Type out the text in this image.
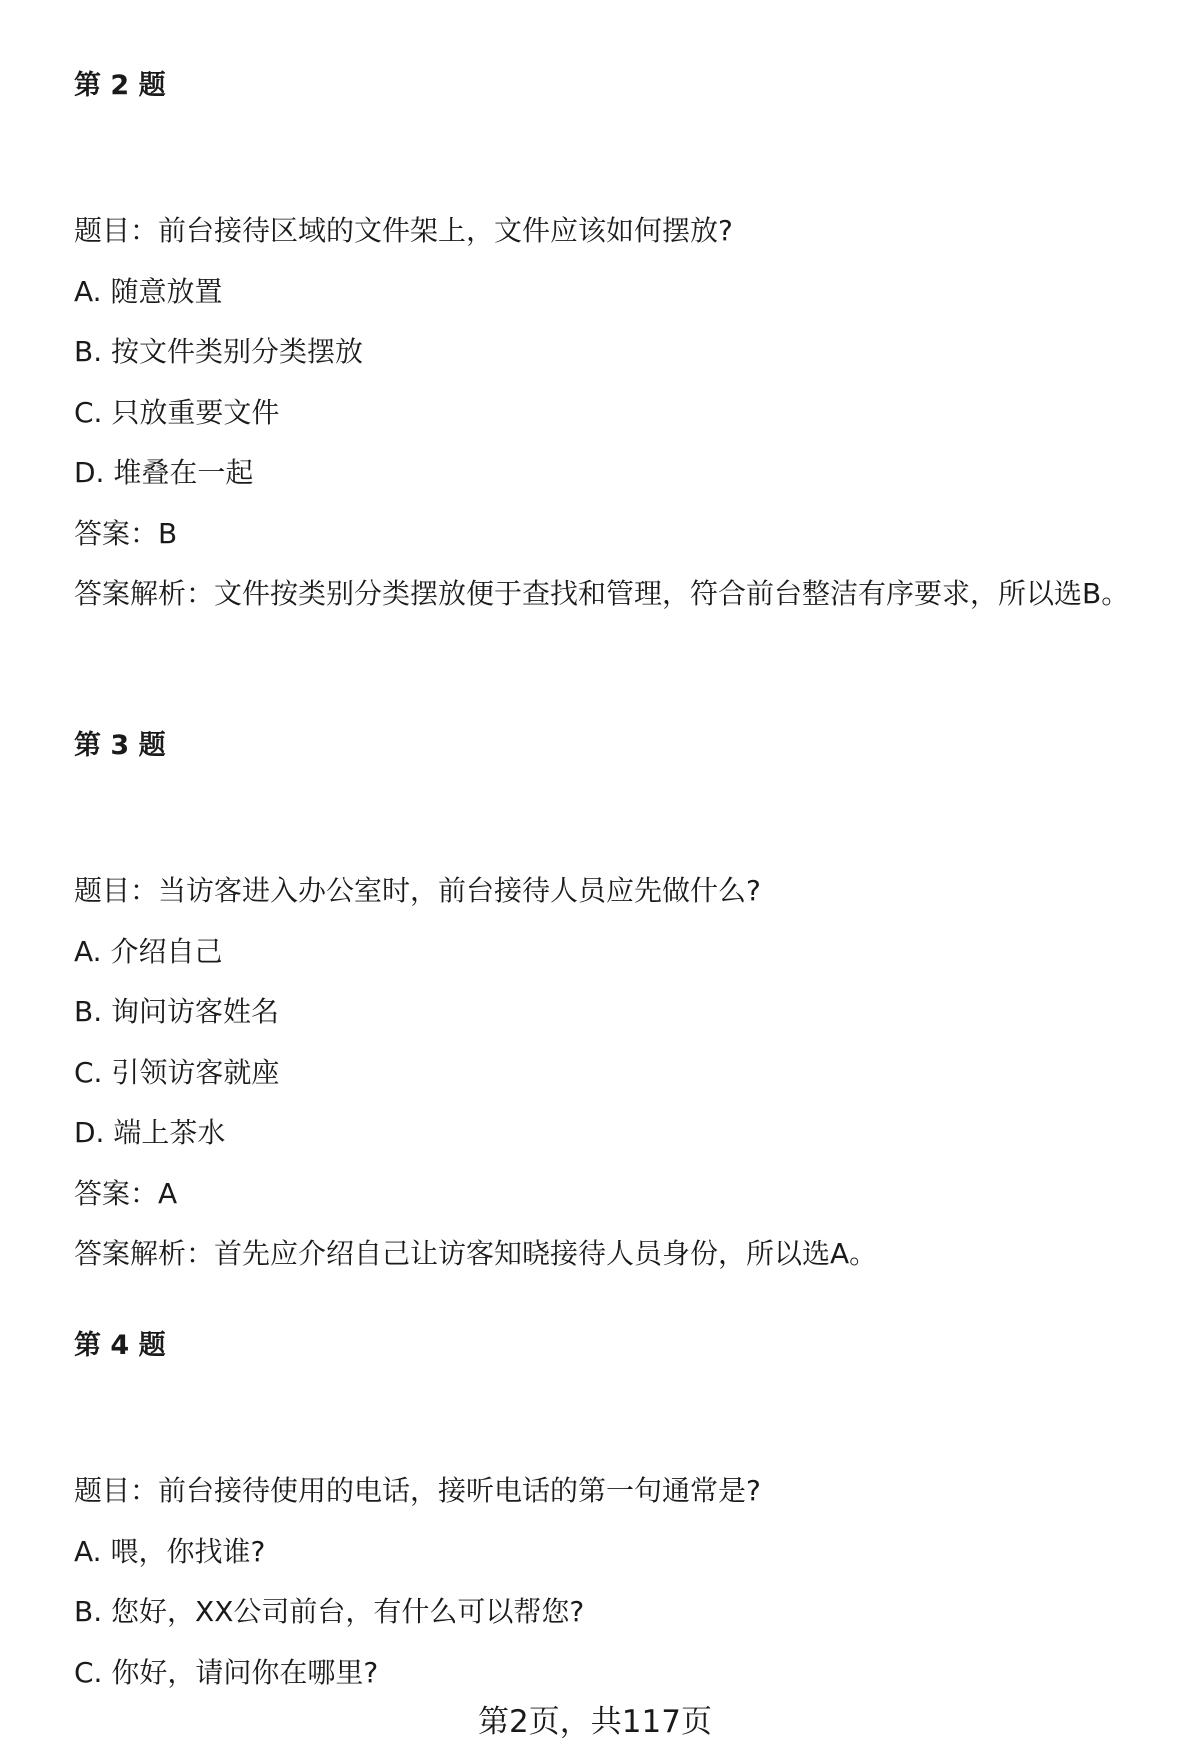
第 2 题

题目：前台接待区域的文件架上，文件应该如何摆放?

A. 随意放置

B. 按文件类别分类摆放

C. 只放重要文件

D. 堆叠在一起

答案：B

答案解析：文件按类别分类摆放便于查找和管理，符合前台整洁有序要求，所以选B。

第 3 题

题目：当访客进入办公室时，前台接待人员应先做什么?

A. 介绍自己

B. 询问访客姓名

C. 引领访客就座

D. 端上茶水

答案：A

答案解析：首先应介绍自己让访客知晓接待人员身份，所以选A。

第 4 题

题目：前台接待使用的电话，接听电话的第一句通常是?

A. 喂，你找谁?

B. 您好，XX公司前台，有什么可以帮您?

C. 你好，请问你在哪里?

第2页，共117页
